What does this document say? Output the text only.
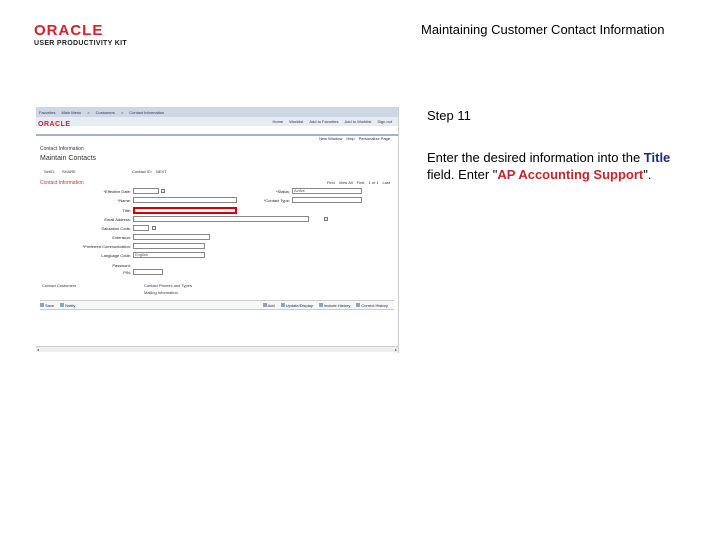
ORACLE
USER PRODUCTIVITY KIT
Maintaining Customer Contact Information
Favorites Main Menu > Customers > Contact Information
Home Worklist Add to Favorites Add to Worklist Sign out
ORACLE
New Window Help Personalize Page
Contact Information
Maintain Contacts
SetID: SHARE	Contact ID: NEXT
Contact Information	Find View All First 1 of 1 Last
*Effective Date:	*Status:	Active
*Name:	*Contact Type:
Title:
Email Address:
Salutation Code:
Extension:
*Preferred Communication:
Language Code:	English
Password:
PIN:
Contact Customers	Contact Phones and Types
Mailing Information
Save	Notify	Add	Update/Display	Include History	Correct History
◂	▸
Step 11
Enter the desired information into the Title field. Enter "AP Accounting Support".
